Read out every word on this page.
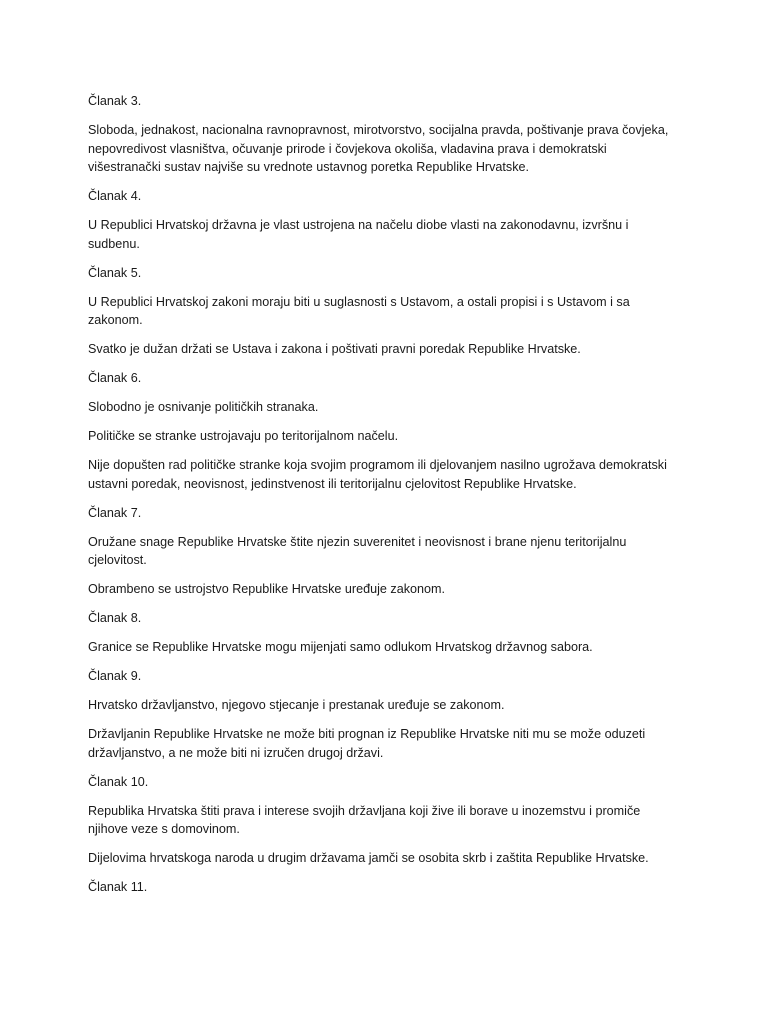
Članak 3.

Sloboda, jednakost, nacionalna ravnopravnost, mirotvorstvo, socijalna pravda, poštivanje prava čovjeka,
nepovredivost vlasništva, očuvanje prirode i čovjekova okoliša, vladavina prava i demokratski
višestranački sustav najviše su vrednote ustavnog poretka Republike Hrvatske.

Članak 4.

U Republici Hrvatskoj državna je vlast ustrojena na načelu diobe vlasti na zakonodavnu, izvršnu i
sudbenu.

Članak 5.

U Republici Hrvatskoj zakoni moraju biti u suglasnosti s Ustavom, a ostali propisi i s Ustavom i sa
zakonom.

Svatko je dužan držati se Ustava i zakona i poštivati pravni poredak Republike Hrvatske.

Članak 6.

Slobodno je osnivanje političkih stranaka.

Političke se stranke ustrojavaju po teritorijalnom načelu.

Nije dopušten rad političke stranke koja svojim programom ili djelovanjem nasilno ugrožava demokratski
ustavni poredak, neovisnost, jedinstvenost ili teritorijalnu cjelovitost Republike Hrvatske.

Članak 7.

Oružane snage Republike Hrvatske štite njezin suverenitet i neovisnost i brane njenu teritorijalnu
cjelovitost.

Obrambeno se ustrojstvo Republike Hrvatske uređuje zakonom.

Članak 8.

Granice se Republike Hrvatske mogu mijenjati samo odlukom Hrvatskog državnog sabora.

Članak 9.

Hrvatsko državljanstvo, njegovo stjecanje i prestanak uređuje se zakonom.

Državljanin Republike Hrvatske ne može biti prognan iz Republike Hrvatske niti mu se može oduzeti
državljanstvo, a ne može biti ni izručen drugoj državi.

Članak 10.

Republika Hrvatska štiti prava i interese svojih državljana koji žive ili borave u inozemstvu i promiče
njihove veze s domovinom.

Dijelovima hrvatskoga naroda u drugim državama jamči se osobita skrb i zaštita Republike Hrvatske.

Članak 11.
